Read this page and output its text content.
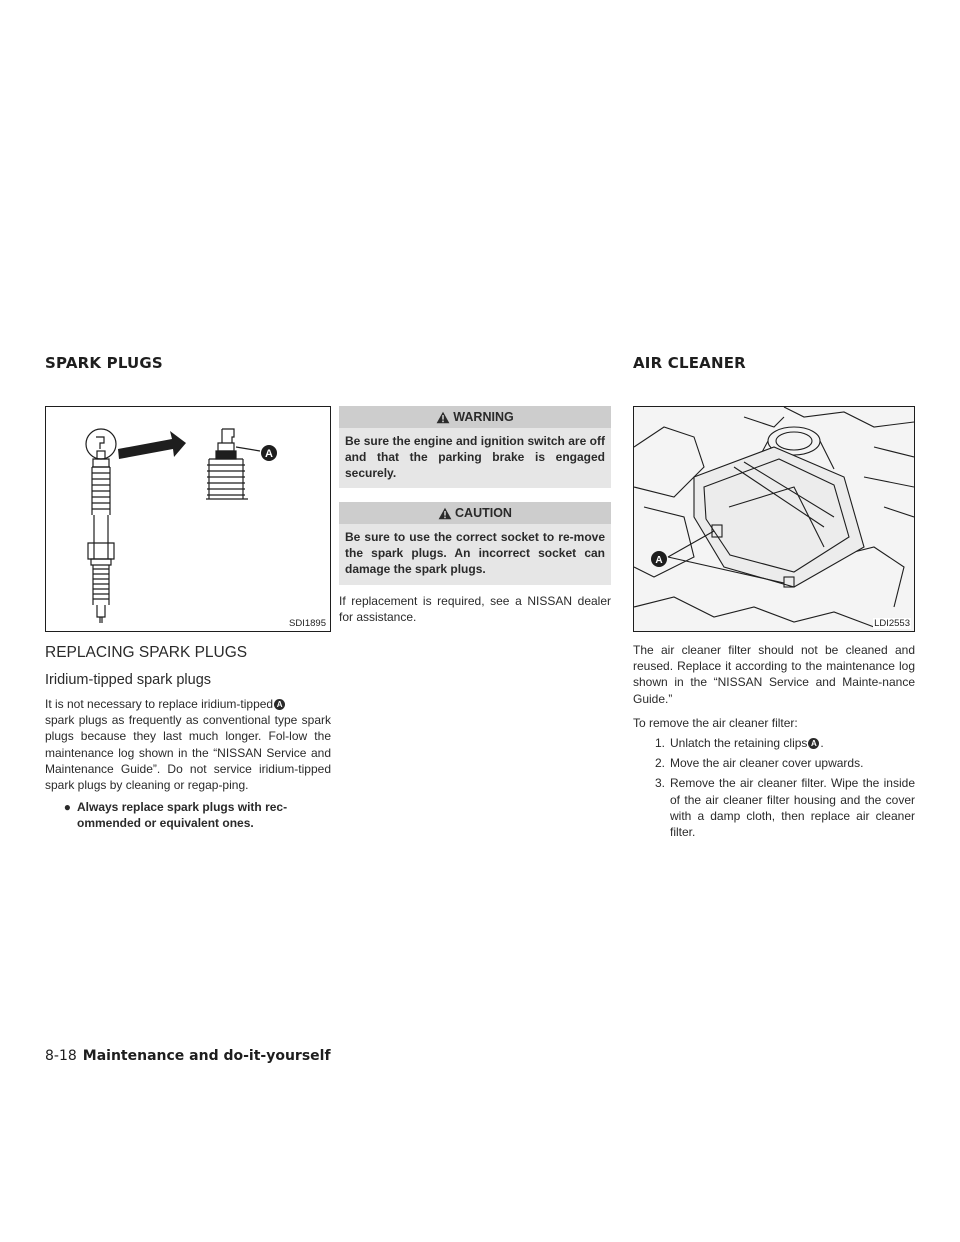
SPARK PLUGS	AIR CLEANER
A
SDI1895
REPLACING SPARK PLUGS
Iridium-tipped spark plugs

It is not necessary to replace iridium-tipped A
spark plugs as frequently as conventional type spark plugs because they last much longer. Fol-low the maintenance log shown in the “NISSAN Service and Maintenance Guide”. Do not service iridium-tipped spark plugs by cleaning or regap-ping.

● Always replace spark plugs with rec-ommended or equivalent ones.
WARNING
Be sure the engine and ignition switch are off and that the parking brake is engaged securely.
CAUTION
Be sure to use the correct socket to re-move the spark plugs. An incorrect socket can damage the spark plugs.

If replacement is required, see a NISSAN dealer for assistance.

A
LDI2553

The air cleaner filter should not be cleaned and reused. Replace it according to the maintenance log shown in the “NISSAN Service and Mainte-nance Guide.”

To remove the air cleaner filter:

1. Unlatch the retaining clips A .
2. Move the air cleaner cover upwards.
3. Remove the air cleaner filter. Wipe the inside of the air cleaner filter housing and the cover with a damp cloth, then replace air cleaner filter.
8-18 Maintenance and do-it-yourself
